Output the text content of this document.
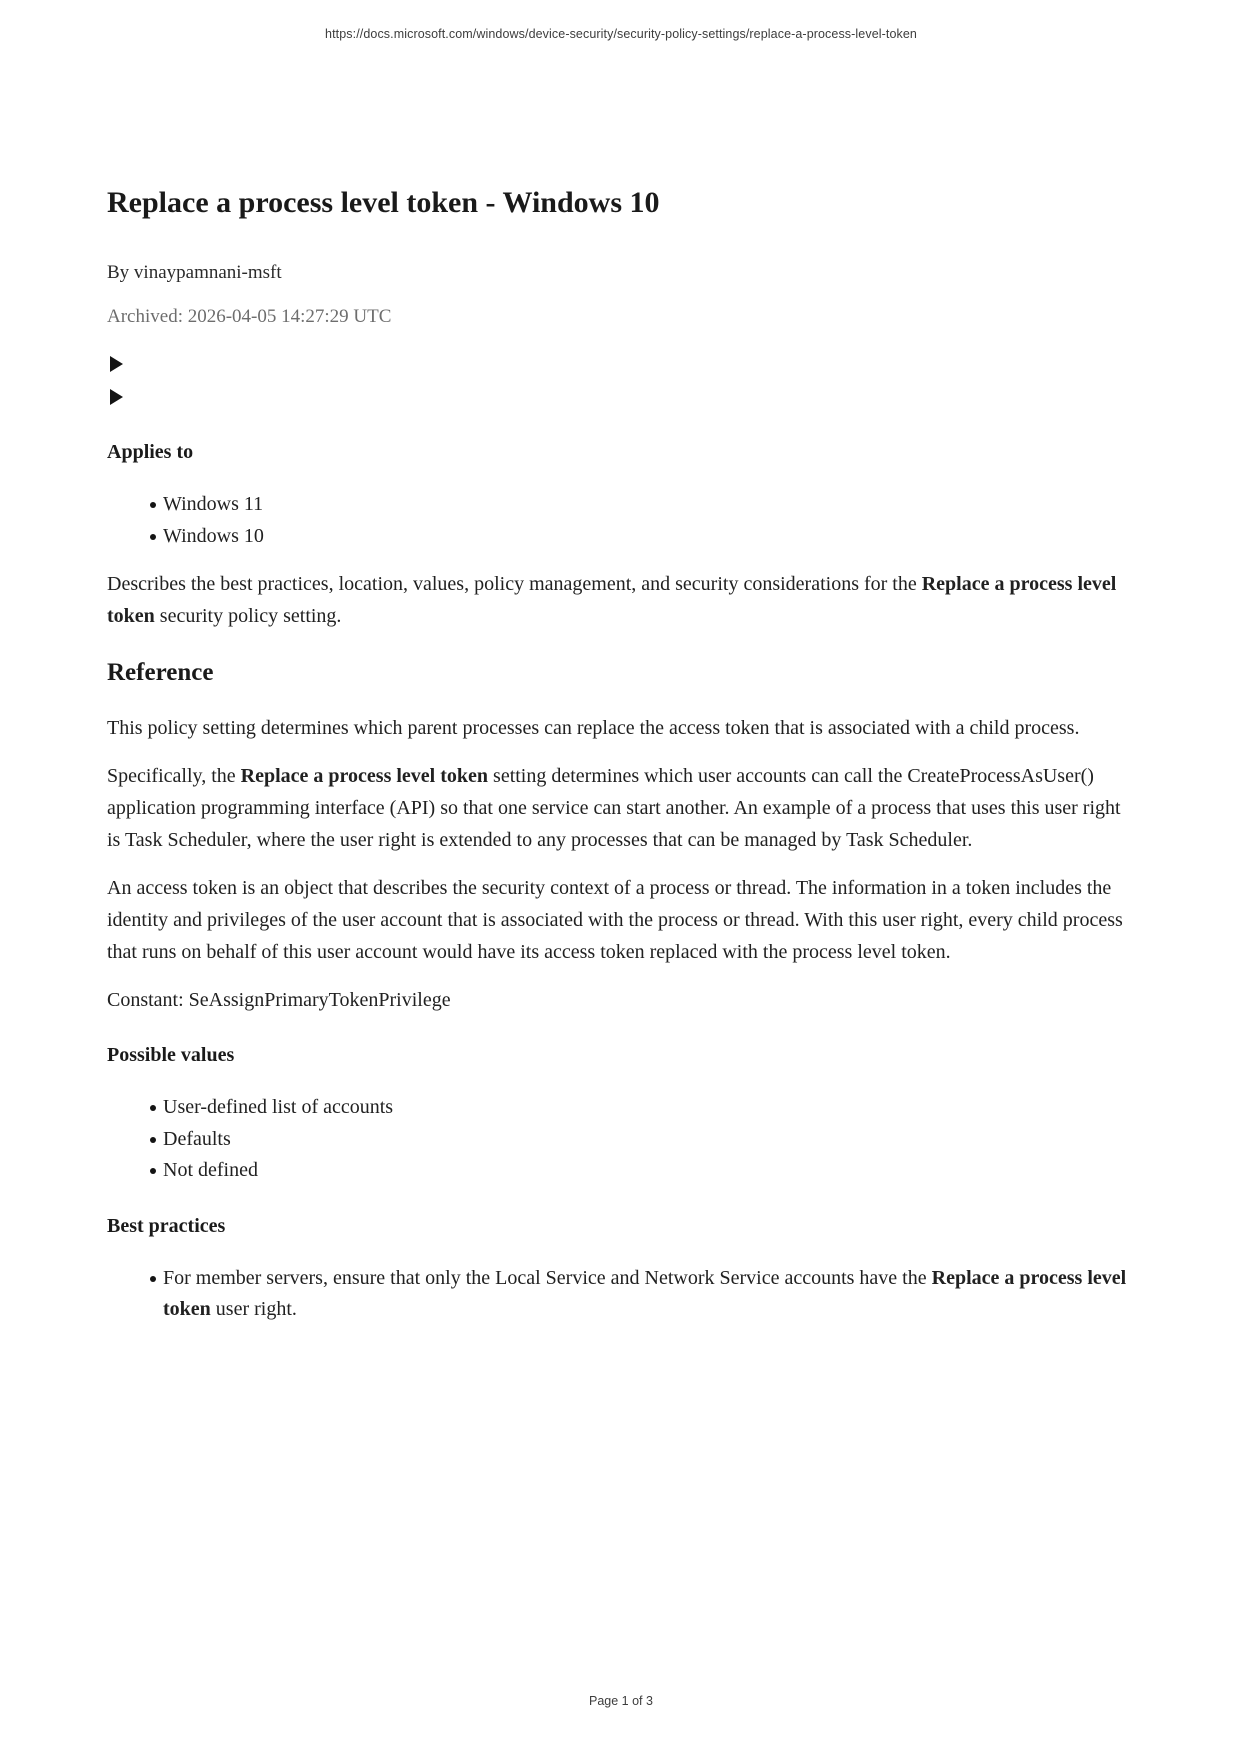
https://docs.microsoft.com/windows/device-security/security-policy-settings/replace-a-process-level-token
Replace a process level token - Windows 10

By vinaypamnani-msft

Archived: 2026-04-05 14:27:29 UTC

Applies to
Windows 11
Windows 10

Describes the best practices, location, values, policy management, and security considerations for the Replace a process level token security policy setting.

Reference

This policy setting determines which parent processes can replace the access token that is associated with a child process.

Specifically, the Replace a process level token setting determines which user accounts can call the CreateProcessAsUser() application programming interface (API) so that one service can start another. An example of a process that uses this user right is Task Scheduler, where the user right is extended to any processes that can be managed by Task Scheduler.

An access token is an object that describes the security context of a process or thread. The information in a token includes the identity and privileges of the user account that is associated with the process or thread. With this user right, every child process that runs on behalf of this user account would have its access token replaced with the process level token.

Constant: SeAssignPrimaryTokenPrivilege

Possible values
User-defined list of accounts
Defaults
Not defined
Best practices
For member servers, ensure that only the Local Service and Network Service accounts have the Replace a process level token user right.
Page 1 of 3
